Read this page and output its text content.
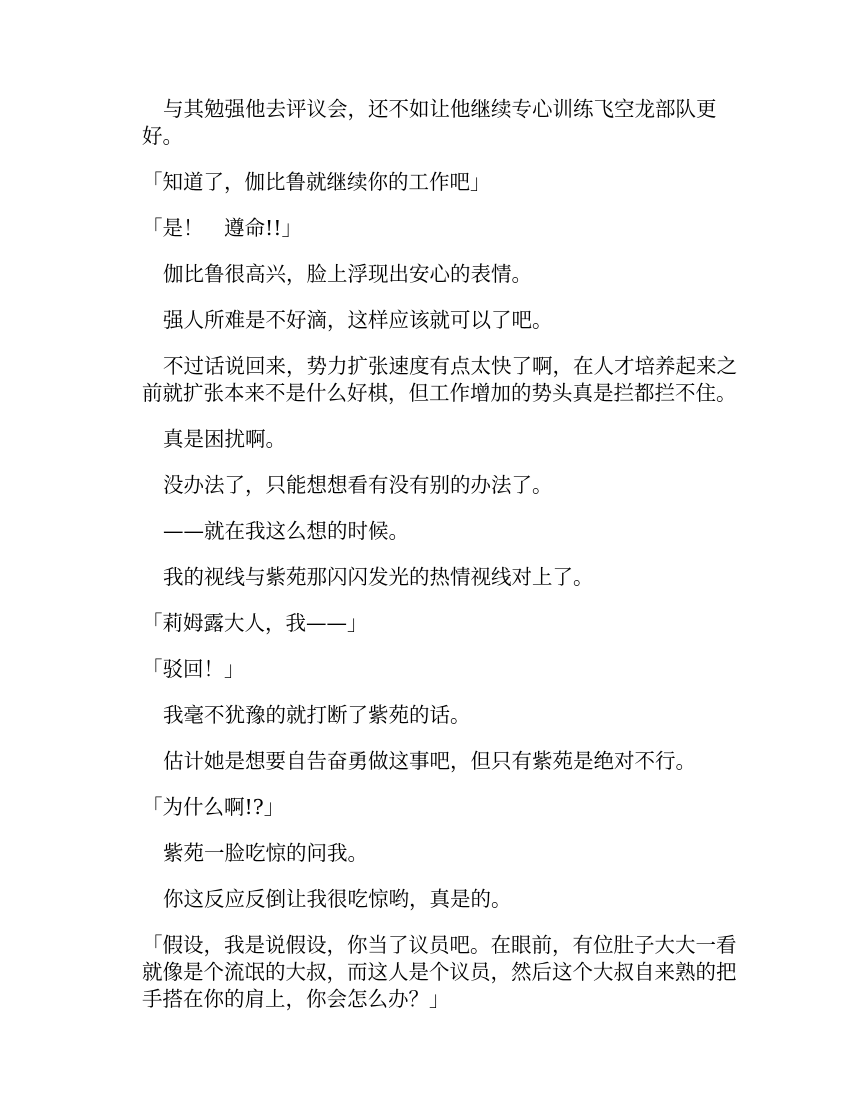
与其勉强他去评议会，还不如让他继续专心训练飞空龙部队更好。

「知道了，伽比鲁就继续你的工作吧」

「是！　遵命!!」

伽比鲁很高兴，脸上浮现出安心的表情。

强人所难是不好滴，这样应该就可以了吧。

不过话说回来，势力扩张速度有点太快了啊，在人才培养起来之前就扩张本来不是什么好棋，但工作增加的势头真是拦都拦不住。

真是困扰啊。

没办法了，只能想想看有没有别的办法了。

——就在我这么想的时候。

我的视线与紫苑那闪闪发光的热情视线对上了。

「莉姆露大人，我——」

「驳回！」

我毫不犹豫的就打断了紫苑的话。

估计她是想要自告奋勇做这事吧，但只有紫苑是绝对不行。

「为什么啊!?」

紫苑一脸吃惊的问我。

你这反应反倒让我很吃惊哟，真是的。

「假设，我是说假设，你当了议员吧。在眼前，有位肚子大大一看就像是个流氓的大叔，而这人是个议员，然后这个大叔自来熟的把手搭在你的肩上，你会怎么办？」
